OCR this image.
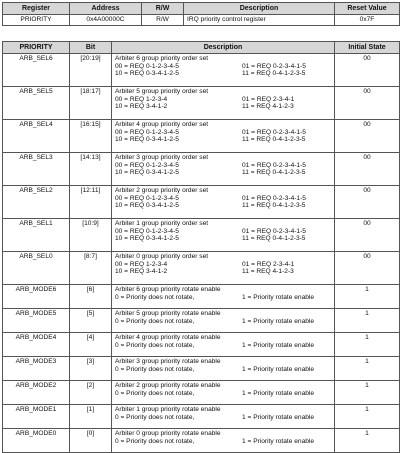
Register	Address	R/W	Description	Reset Value
PRIORITY	0x4A00000C	R/W	IRQ priority control register	0x7F
PRIORITY	Bit	Description	Initial State
ARB_SEL6	[20:19]	Arbiter 6 group priority order set
00 = REQ 0-1-2-3-4-5 01 = REQ 0-2-3-4-1-5
10 = REQ 0-3-4-1-2-5 11 = REQ 0-4-1-2-3-5	00
ARB_SEL5	[18:17]	Arbiter 5 group priority order set
00 = REQ 1-2-3-4 01 = REQ 2-3-4-1
10 = REQ 3-4-1-2 11 = REQ 4-1-2-3	00
ARB_SEL4	[16:15]	Arbiter 4 group priority order set
00 = REQ 0-1-2-3-4-5 01 = REQ 0-2-3-4-1-5
10 = REQ 0-3-4-1-2-5 11 = REQ 0-4-1-2-3-5	00
ARB_SEL3	[14:13]	Arbiter 3 group priority order set
00 = REQ 0-1-2-3-4-5 01 = REQ 0-2-3-4-1-5
10 = REQ 0-3-4-1-2-5 11 = REQ 0-4-1-2-3-5	00
ARB_SEL2	[12:11]	Arbiter 2 group priority order set
00 = REQ 0-1-2-3-4-5 01 = REQ 0-2-3-4-1-5
10 = REQ 0-3-4-1-2-5 11 = REQ 0-4-1-2-3-5	00
ARB_SEL1	[10:9]	Arbiter 1 group priority order set
00 = REQ 0-1-2-3-4-5 01 = REQ 0-2-3-4-1-5
10 = REQ 0-3-4-1-2-5 11 = REQ 0-4-1-2-3-5	00
ARB_SEL0	[8:7]	Arbiter 0 group priority order set
00 = REQ 1-2-3-4 01 = REQ 2-3-4-1
10 = REQ 3-4-1-2 11 = REQ 4-1-2-3	00
ARB_MODE6	[6]	Arbiter 6 group priority rotate enable
0 = Priority does not rotate, 1 = Priority rotate enable	1
ARB_MODE5	[5]	Arbiter 5 group priority rotate enable
0 = Priority does not rotate, 1 = Priority rotate enable	1
ARB_MODE4	[4]	Arbiter 4 group priority rotate enable
0 = Priority does not rotate, 1 = Priority rotate enable	1
ARB_MODE3	[3]	Arbiter 3 group priority rotate enable
0 = Priority does not rotate, 1 = Priority rotate enable	1
ARB_MODE2	[2]	Arbiter 2 group priority rotate enable
0 = Priority does not rotate, 1 = Priority rotate enable	1
ARB_MODE1	[1]	Arbiter 1 group priority rotate enable
0 = Priority does not rotate, 1 = Priority rotate enable	1
ARB_MODE0	[0]	Arbiter 0 group priority rotate enable
0 = Priority does not rotate, 1 = Priority rotate enable	1
